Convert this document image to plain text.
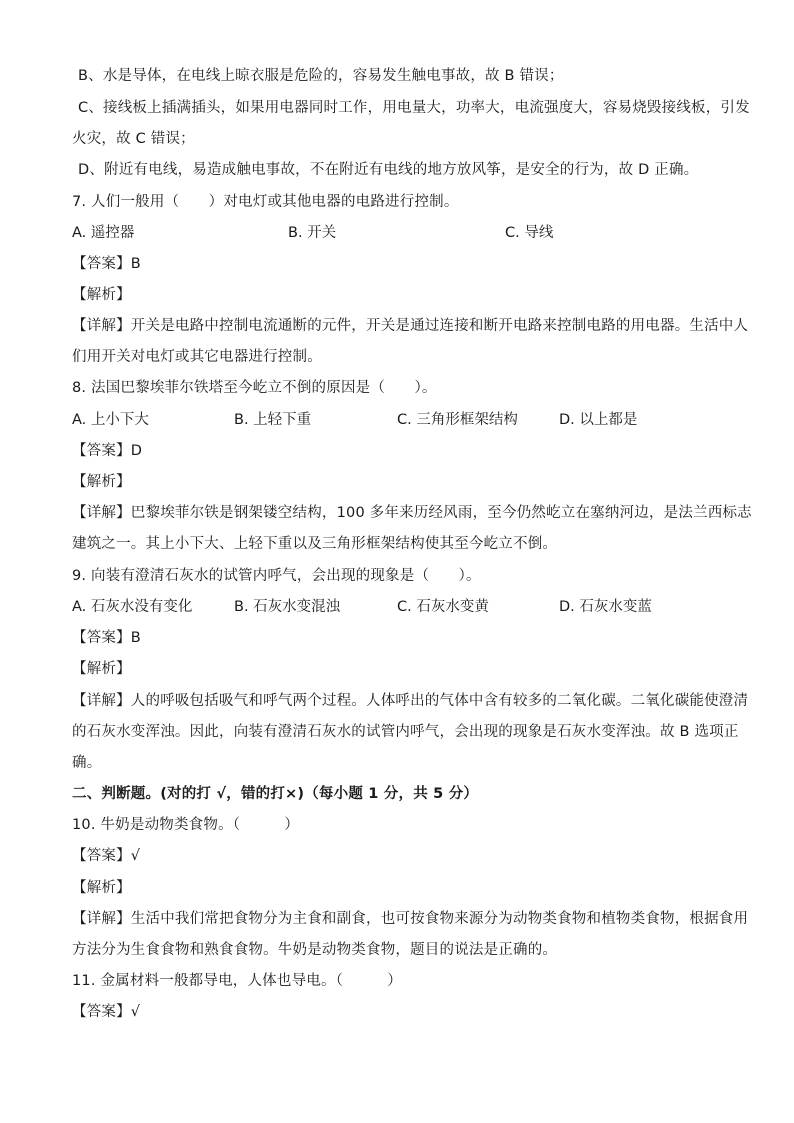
B、水是导体，在电线上晾衣服是危险的，容易发生触电事故，故 B 错误；
C、接线板上插满插头，如果用电器同时工作，用电量大，功率大，电流强度大，容易烧毁接线板，引发
火灾，故 C 错误；
D、附近有电线，易造成触电事故，不在附近有电线的地方放风筝，是安全的行为，故 D 正确。
7. 人们一般用（　　）对电灯或其他电器的电路进行控制。
A. 遥控器	B. 开关	C. 导线
【答案】B
【解析】
【详解】开关是电路中控制电流通断的元件，开关是通过连接和断开电路来控制电路的用电器。生活中人
们用开关对电灯或其它电器进行控制。
8. 法国巴黎埃菲尔铁塔至今屹立不倒的原因是（　　）。
A. 上小下大	B. 上轻下重	C. 三角形框架结构	D. 以上都是
【答案】D
【解析】
【详解】巴黎埃菲尔铁是钢架镂空结构，100 多年来历经风雨，至今仍然屹立在塞纳河边，是法兰西标志
建筑之一。其上小下大、上轻下重以及三角形框架结构使其至今屹立不倒。
9. 向装有澄清石灰水的试管内呼气，会出现的现象是（　　）。
A. 石灰水没有变化	B. 石灰水变混浊	C. 石灰水变黄	D. 石灰水变蓝
【答案】B
【解析】
【详解】人的呼吸包括吸气和呼气两个过程。人体呼出的气体中含有较多的二氧化碳。二氧化碳能使澄清
的石灰水变浑浊。因此，向装有澄清石灰水的试管内呼气，会出现的现象是石灰水变浑浊。故 B 选项正
确。
二、判断题。(对的打 √，错的打×)（每小题 1 分，共 5 分）
10. 牛奶是动物类食物。（　　　）
【答案】√
【解析】
【详解】生活中我们常把食物分为主食和副食，也可按食物来源分为动物类食物和植物类食物，根据食用
方法分为生食食物和熟食食物。牛奶是动物类食物，题目的说法是正确的。
11. 金属材料一般都导电，人体也导电。（　　　）
【答案】√
